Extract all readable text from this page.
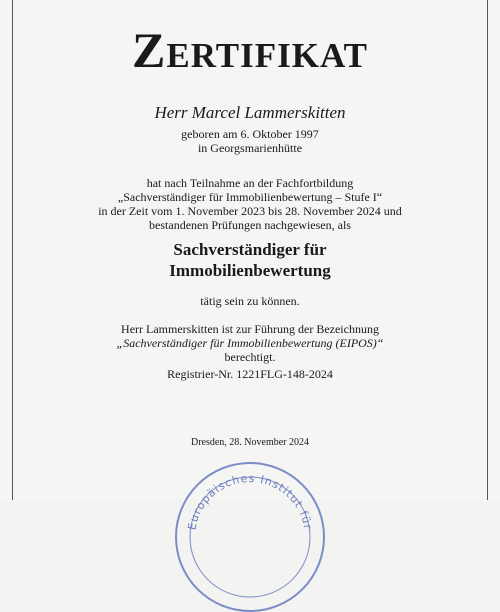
Zertifikat
Herr Marcel Lammerskitten
geboren am 6. Oktober 1997
in Georgsmarienhütte
hat nach Teilnahme an der Fachfortbildung
„Sachverständiger für Immobilienbewertung – Stufe I“
in der Zeit vom 1. November 2023 bis 28. November 2024 und
bestandenen Prüfungen nachgewiesen, als
Sachverständiger für
Immobilienbewertung
tätig sein zu können.
Herr Lammerskitten ist zur Führung der Bezeichnung
„Sachverständiger für Immobilienbewertung (EIPOS)“
berechtigt.
Registrier-Nr. 1221FLG-148-2024
Dresden, 28. November 2024
Europäisches Institut für
